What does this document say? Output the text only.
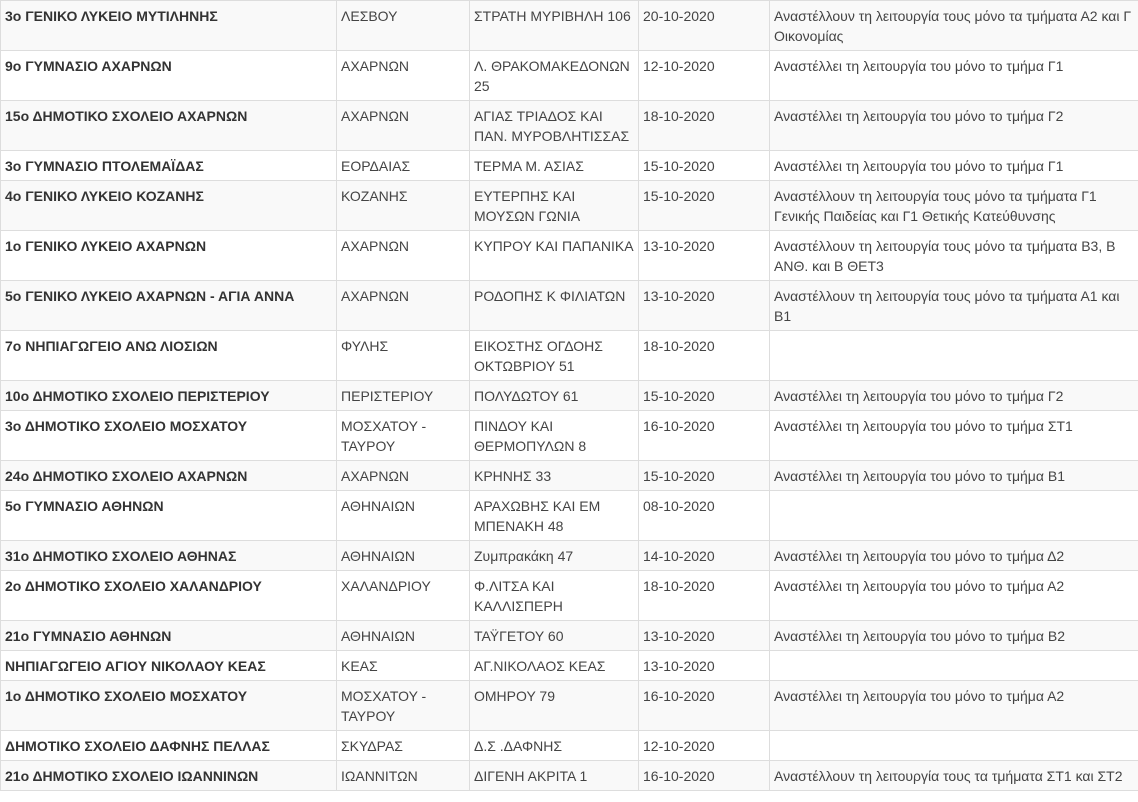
3ο ΓΕΝΙΚΟ ΛΥΚΕΙΟ ΜΥΤΙΛΗΝΗΣ	ΛΕΣΒΟΥ	ΣΤΡΑΤΗ ΜΥΡΙΒΗΛΗ 106	20-10-2020	Αναστέλλουν τη λειτουργία τους μόνο τα τμήματα Α2 και Γ Οικονομίας
9ο ΓΥΜΝΑΣΙΟ ΑΧΑΡΝΩΝ	ΑΧΑΡΝΩΝ	Λ. ΘΡΑΚΟΜΑΚΕΔΟΝΩΝ 25	12-10-2020	Αναστέλλει τη λειτουργία του μόνο το τμήμα Γ1
15ο ΔΗΜΟΤΙΚΟ ΣΧΟΛΕΙΟ ΑΧΑΡΝΩΝ	ΑΧΑΡΝΩΝ	ΑΓΙΑΣ ΤΡΙΑΔΟΣ ΚΑΙ ΠΑΝ. ΜΥΡΟΒΛΗΤΙΣΣΑΣ	18-10-2020	Αναστέλλει τη λειτουργία του μόνο το τμήμα Γ2
3ο ΓΥΜΝΑΣΙΟ ΠΤΟΛΕΜΑΪΔΑΣ	ΕΟΡΔΑΙΑΣ	ΤΕΡΜΑ Μ. ΑΣΙΑΣ	15-10-2020	Αναστέλλει τη λειτουργία του μόνο το τμήμα Γ1
4ο ΓΕΝΙΚΟ ΛΥΚΕΙΟ ΚΟΖΑΝΗΣ	ΚΟΖΑΝΗΣ	ΕΥΤΕΡΠΗΣ ΚΑΙ ΜΟΥΣΩΝ ΓΩΝΙΑ	15-10-2020	Αναστέλλουν τη λειτουργία τους μόνο τα τμήματα Γ1 Γενικής Παιδείας και Γ1 Θετικής Κατεύθυνσης
1ο ΓΕΝΙΚΟ ΛΥΚΕΙΟ ΑΧΑΡΝΩΝ	ΑΧΑΡΝΩΝ	ΚΥΠΡΟΥ ΚΑΙ ΠΑΠΑΝΙΚΑ	13-10-2020	Αναστέλλουν τη λειτουργία τους μόνο τα τμήματα Β3, Β ΑΝΘ. και Β ΘΕΤ3
5ο ΓΕΝΙΚΟ ΛΥΚΕΙΟ ΑΧΑΡΝΩΝ - ΑΓΙΑ ΑΝΝΑ	ΑΧΑΡΝΩΝ	ΡΟΔΟΠΗΣ Κ ΦΙΛΙΑΤΩΝ	13-10-2020	Αναστέλλουν τη λειτουργία τους μόνο τα τμήματα Α1 και Β1
7ο ΝΗΠΙΑΓΩΓΕΙΟ ΑΝΩ ΛΙΟΣΙΩΝ	ΦΥΛΗΣ	ΕΙΚΟΣΤΗΣ ΟΓΔΟΗΣ ΟΚΤΩΒΡΙΟΥ 51	18-10-2020	
10ο ΔΗΜΟΤΙΚΟ ΣΧΟΛΕΙΟ ΠΕΡΙΣΤΕΡΙΟΥ	ΠΕΡΙΣΤΕΡΙΟΥ	ΠΟΛΥΔΩΤΟΥ 61	15-10-2020	Αναστέλλει τη λειτουργία του μόνο το τμήμα Γ2
3ο ΔΗΜΟΤΙΚΟ ΣΧΟΛΕΙΟ ΜΟΣΧΑΤΟΥ	ΜΟΣΧΑΤΟΥ - ΤΑΥΡΟΥ	ΠΙΝΔΟΥ ΚΑΙ ΘΕΡΜΟΠΥΛΩΝ 8	16-10-2020	Αναστέλλει τη λειτουργία του μόνο το τμήμα ΣΤ1
24ο ΔΗΜΟΤΙΚΟ ΣΧΟΛΕΙΟ ΑΧΑΡΝΩΝ	ΑΧΑΡΝΩΝ	ΚΡΗΝΗΣ 33	15-10-2020	Αναστέλλει τη λειτουργία του μόνο το τμήμα Β1
5ο ΓΥΜΝΑΣΙΟ ΑΘΗΝΩΝ	ΑΘΗΝΑΙΩΝ	ΑΡΑΧΩΒΗΣ ΚΑΙ ΕΜ ΜΠΕΝΑΚΗ 48	08-10-2020	
31ο ΔΗΜΟΤΙΚΟ ΣΧΟΛΕΙΟ ΑΘΗΝΑΣ	ΑΘΗΝΑΙΩΝ	Ζυμπρακάκη 47	14-10-2020	Αναστέλλει τη λειτουργία του μόνο το τμήμα Δ2
2ο ΔΗΜΟΤΙΚΟ ΣΧΟΛΕΙΟ ΧΑΛΑΝΔΡΙΟΥ	ΧΑΛΑΝΔΡΙΟΥ	Φ.ΛΙΤΣΑ ΚΑΙ ΚΑΛΛΙΣΠΕΡΗ	18-10-2020	Αναστέλλει τη λειτουργία του μόνο το τμήμα Α2
21ο ΓΥΜΝΑΣΙΟ ΑΘΗΝΩΝ	ΑΘΗΝΑΙΩΝ	ΤΑΫΓΕΤΟΥ 60	13-10-2020	Αναστέλλει τη λειτουργία του μόνο το τμήμα Β2
ΝΗΠΙΑΓΩΓΕΙΟ ΑΓΙΟΥ ΝΙΚΟΛΑΟΥ ΚΕΑΣ	ΚΕΑΣ	ΑΓ.ΝΙΚΟΛΑΟΣ ΚΕΑΣ	13-10-2020	
1ο ΔΗΜΟΤΙΚΟ ΣΧΟΛΕΙΟ ΜΟΣΧΑΤΟΥ	ΜΟΣΧΑΤΟΥ - ΤΑΥΡΟΥ	ΟΜΗΡΟΥ 79	16-10-2020	Αναστέλλει τη λειτουργία του μόνο το τμήμα Α2
ΔΗΜΟΤΙΚΟ ΣΧΟΛΕΙΟ ΔΑΦΝΗΣ ΠΕΛΛΑΣ	ΣΚΥΔΡΑΣ	Δ.Σ .ΔΑΦΝΗΣ	12-10-2020	
21ο ΔΗΜΟΤΙΚΟ ΣΧΟΛΕΙΟ ΙΩΑΝΝΙΝΩΝ	ΙΩΑΝΝΙΤΩΝ	ΔΙΓΕΝΗ ΑΚΡΙΤΑ 1	16-10-2020	Αναστέλλουν τη λειτουργία τους τα τμήματα ΣΤ1 και ΣΤ2
